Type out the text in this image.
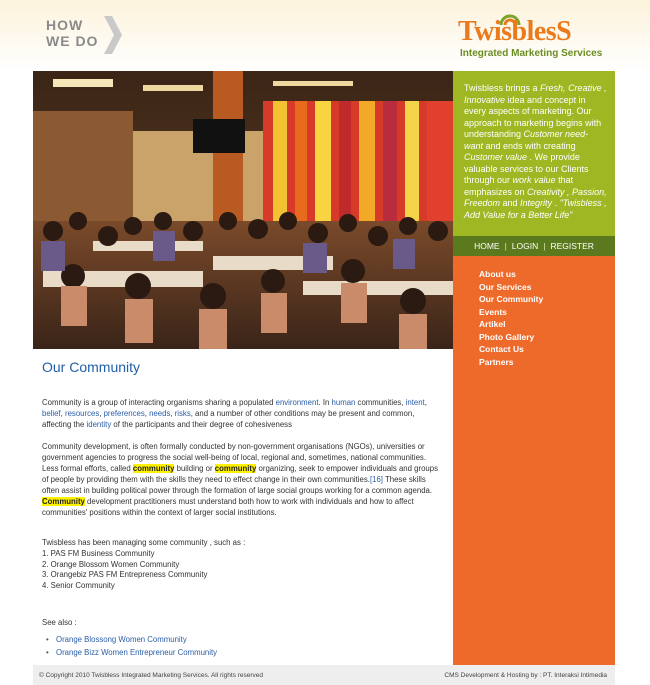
HOW
WE DO	TwisblesS
Integrated Marketing Services
Twisbless brings a Fresh, Creative , Innovative idea and concept in every aspects of marketing. Our approach to marketing begins with understanding Customer need-want and ends with creating Customer value . We provide valuable services to our Clients through our work value that emphasizes on Creativity , Passion, Freedom and Integrity . "Twisbless , Add Value for a Better Life"
HOME | LOGIN | REGISTER
About us
Our Services
Our Community
Events
Artikel
Photo Gallery
Contact Us
Partners
Our Community

Community is a group of interacting organisms sharing a populated environment. In human communities, intent, belief, resources, preferences, needs, risks, and a number of other conditions may be present and common, affecting the identity of the participants and their degree of cohesiveness

Community development, is often formally conducted by non-government organisations (NGOs), universities or government agencies to progress the social well-being of local, regional and, sometimes, national communities. Less formal efforts, called community building or community organizing, seek to empower individuals and groups of people by providing them with the skills they need to effect change in their own communities.[16] These skills often assist in building political power through the formation of large social groups working for a common agenda. Community development practitioners must understand both how to work with individuals and how to affect communities' positions within the context of larger social institutions.

Twisbless has been managing some community , such as :
1. PAS FM Business Community
2. Orange Blossom Women Community
3. Orangebiz PAS FM Entrepreness Community
4. Senior Community
See also :
• Orange Blossong Women Community
• Orange Bizz Women Entrepreneur Community
© Copyright 2010 Twisbless Integrated Marketing Services. All rights reserved	CMS Development & Hosting by : PT. Interaksi Intimedia
